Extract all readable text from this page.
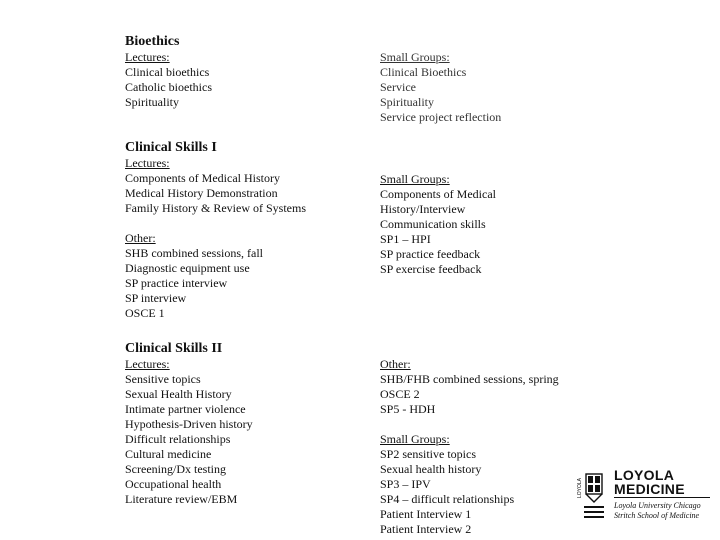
Bioethics
Lectures:
Clinical bioethics
Catholic bioethics
Spirituality
Small Groups:
Clinical Bioethics
Service
Spirituality
Service project reflection
Clinical Skills I
Lectures:
Components of Medical History
Medical History Demonstration
Family History & Review of Systems
Other:
SHB combined sessions, fall
Diagnostic equipment use
SP practice interview
SP interview
OSCE 1
Small Groups:
Components of Medical
History/Interview
Communication skills
SP1 – HPI
SP practice feedback
SP exercise feedback
Clinical Skills II
Lectures:
Sensitive topics
Sexual Health History
Intimate partner violence
Hypothesis-Driven history
Difficult relationships
Cultural medicine
Screening/Dx testing
Occupational health
Literature review/EBM
Other:
SHB/FHB combined sessions, spring
OSCE 2
SP5 - HDH
Small Groups:
SP2 sensitive topics
Sexual health history
SP3 – IPV
SP4 – difficult relationships
Patient Interview 1
Patient Interview 2
LOYOLA
LOYOLA
MEDICINE
Loyola University Chicago
Stritch School of Medicine
